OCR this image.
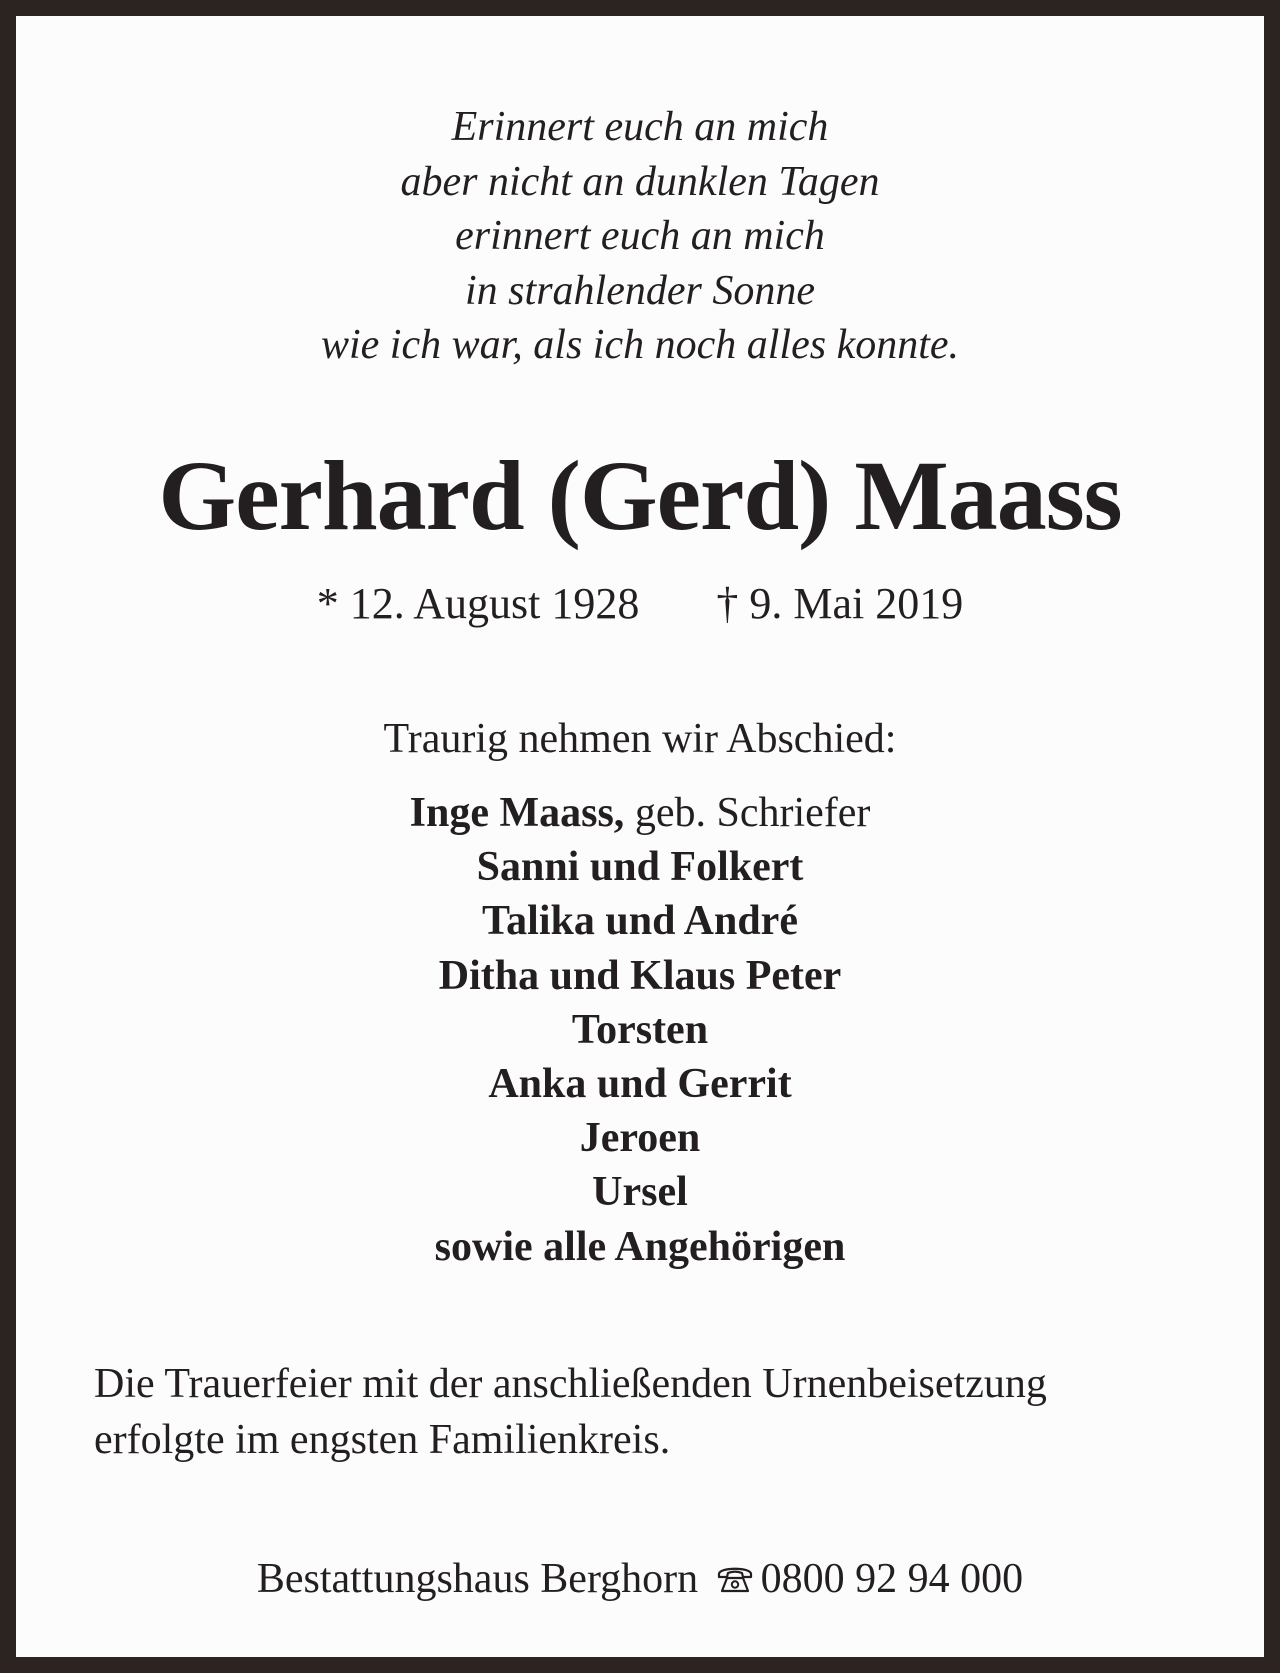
Erinnert euch an mich
aber nicht an dunklen Tagen
erinnert euch an mich
in strahlender Sonne
wie ich war, als ich noch alles konnte.
Gerhard (Gerd) Maass
* 12. August 1928 † 9. Mai 2019
Traurig nehmen wir Abschied:
Inge Maass, geb. Schriefer
Sanni und Folkert
Talika und André
Ditha und Klaus Peter
Torsten
Anka und Gerrit
Jeroen
Ursel
sowie alle Angehörigen
Die Trauerfeier mit der anschließenden Urnenbeisetzung
erfolgte im engsten Familienkreis.
Bestattungshaus Berghorn 0800 92 94 000
